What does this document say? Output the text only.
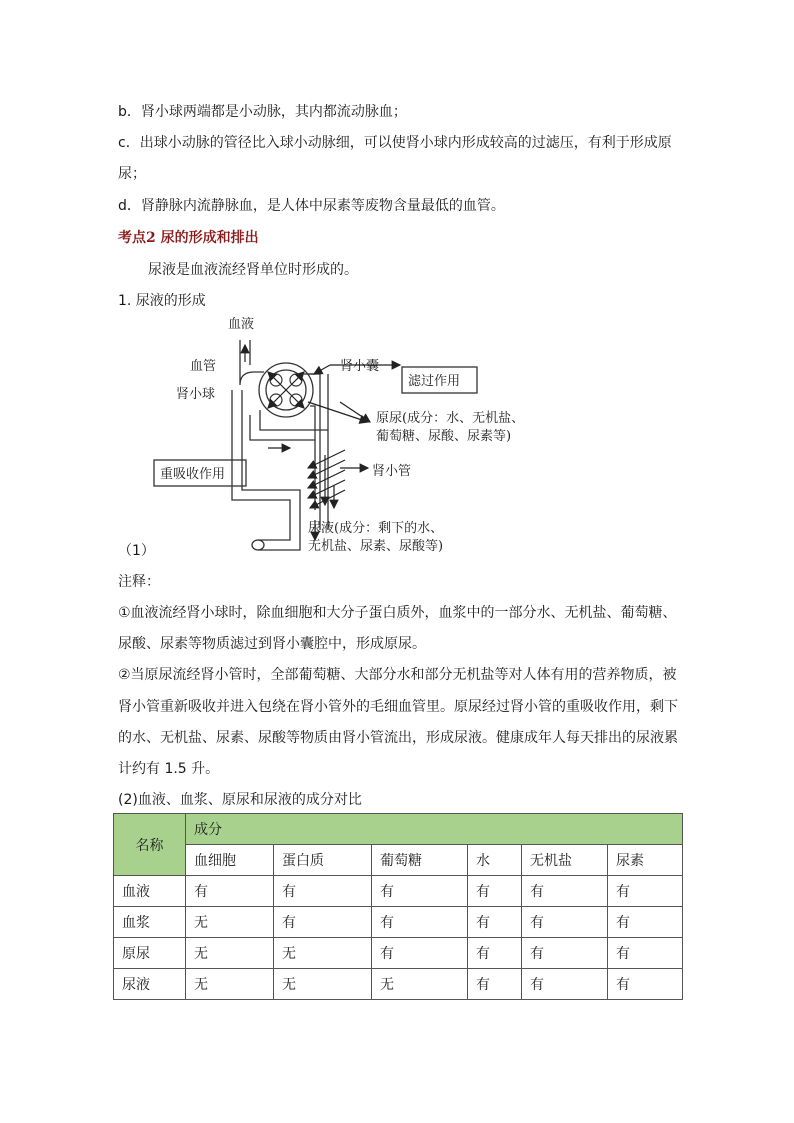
b．肾小球两端都是小动脉，其内都流动脉血；
c．出球小动脉的管径比入球小动脉细，可以使肾小球内形成较高的过滤压，有利于形成原
尿；
d．肾静脉内流静脉血，是人体中尿素等废物含量最低的血管。
考点2 尿的形成和排出
尿液是血液流经肾单位时形成的。
1. 尿液的形成
血液
血管
肾小球
肾小囊
滤过作用
原尿(成分：水、无机盐、
葡萄糖、尿酸、尿素等)
重吸收作用	肾小管
尿液(成分：剩下的水、
无机盐、尿素、尿酸等)
（1）
注释：
①血液流经肾小球时，除血细胞和大分子蛋白质外，血浆中的一部分水、无机盐、葡萄糖、
尿酸、尿素等物质滤过到肾小囊腔中，形成原尿。
②当原尿流经肾小管时，全部葡萄糖、大部分水和部分无机盐等对人体有用的营养物质，被
肾小管重新吸收并进入包绕在肾小管外的毛细血管里。原尿经过肾小管的重吸收作用，剩下
的水、无机盐、尿素、尿酸等物质由肾小管流出，形成尿液。健康成年人每天排出的尿液累
计约有 1.5 升。
(2)血液、血浆、原尿和尿液的成分对比
名称	成分					
	血细胞	蛋白质	葡萄糖	水	无机盐	尿素
血液	有	有	有	有	有	有
血浆	无	有	有	有	有	有
原尿	无	无	有	有	有	有
尿液	无	无	无	有	有	有
